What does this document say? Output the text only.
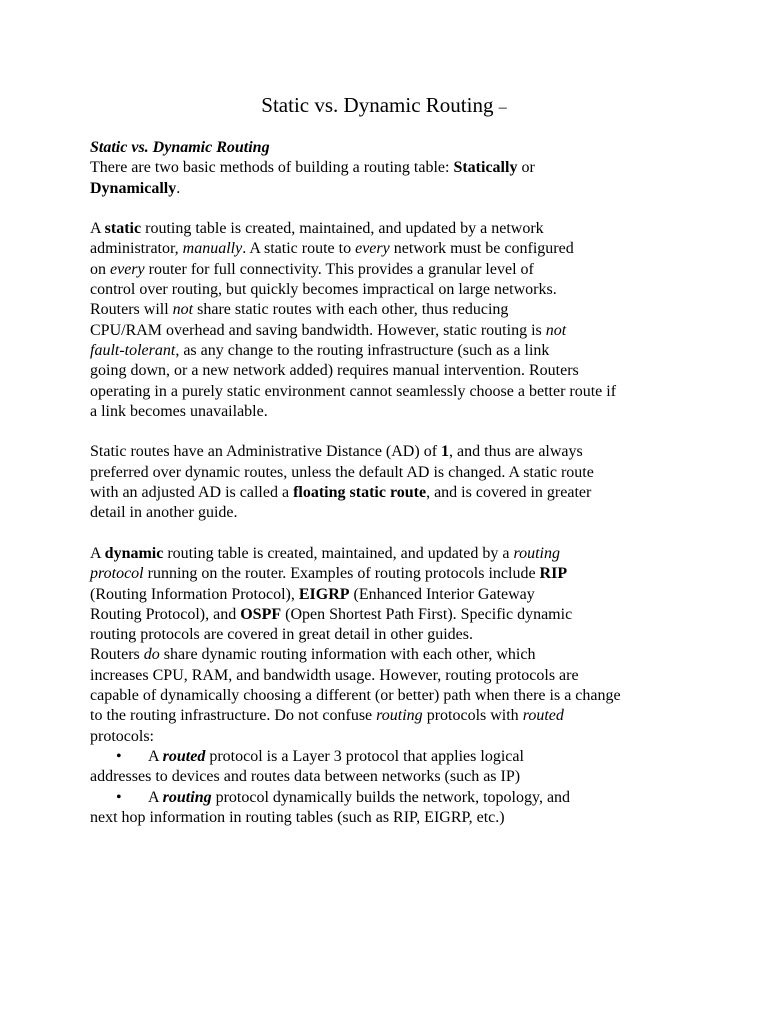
Static vs. Dynamic Routing –
Static vs. Dynamic Routing
There are two basic methods of building a routing table: Statically or
Dynamically.
A static routing table is created, maintained, and updated by a network
administrator, manually. A static route to every network must be configured
on every router for full connectivity. This provides a granular level of
control over routing, but quickly becomes impractical on large networks.
Routers will not share static routes with each other, thus reducing
CPU/RAM overhead and saving bandwidth. However, static routing is not
fault-tolerant, as any change to the routing infrastructure (such as a link
going down, or a new network added) requires manual intervention. Routers
operating in a purely static environment cannot seamlessly choose a better route if
a link becomes unavailable.
Static routes have an Administrative Distance (AD) of 1, and thus are always
preferred over dynamic routes, unless the default AD is changed. A static route
with an adjusted AD is called a floating static route, and is covered in greater
detail in another guide.
A dynamic routing table is created, maintained, and updated by a routing
protocol running on the router. Examples of routing protocols include RIP
(Routing Information Protocol), EIGRP (Enhanced Interior Gateway
Routing Protocol), and OSPF (Open Shortest Path First). Specific dynamic
routing protocols are covered in great detail in other guides.
Routers do share dynamic routing information with each other, which
increases CPU, RAM, and bandwidth usage. However, routing protocols are
capable of dynamically choosing a different (or better) path when there is a change
to the routing infrastructure. Do not confuse routing protocols with routed
protocols:
• A routed protocol is a Layer 3 protocol that applies logical
addresses to devices and routes data between networks (such as IP)
• A routing protocol dynamically builds the network, topology, and
next hop information in routing tables (such as RIP, EIGRP, etc.)
